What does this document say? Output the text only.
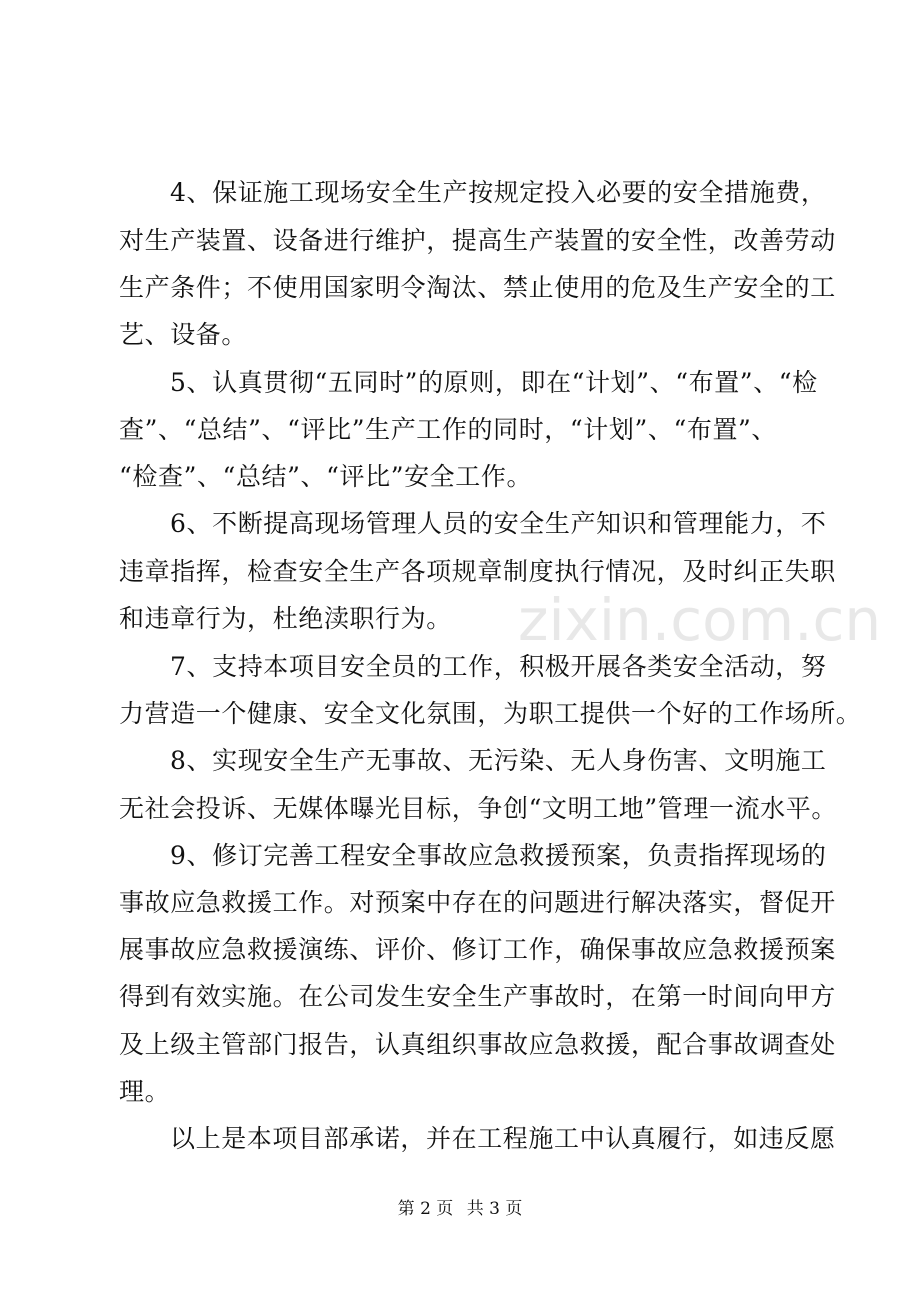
4、保证施工现场安全生产按规定投入必要的安全措施费，
对生产装置、设备进行维护，提高生产装置的安全性，改善劳动
生产条件；不使用国家明令淘汰、禁止使用的危及生产安全的工
艺、设备。
5、认真贯彻“五同时”的原则，即在“计划”、“布置”、“检
查”、“总结”、“评比”生产工作的同时，“计划”、“布置”、
“检查”、“总结”、“评比”安全工作。
6、不断提高现场管理人员的安全生产知识和管理能力，不
违章指挥，检查安全生产各项规章制度执行情况，及时纠正失职
和违章行为，杜绝渎职行为。
7、支持本项目安全员的工作，积极开展各类安全活动，努
力营造一个健康、安全文化氛围，为职工提供一个好的工作场所。
8、实现安全生产无事故、无污染、无人身伤害、文明施工
无社会投诉、无媒体曝光目标，争创“文明工地”管理一流水平。
9、修订完善工程安全事故应急救援预案，负责指挥现场的
事故应急救援工作。对预案中存在的问题进行解决落实，督促开
展事故应急救援演练、评价、修订工作，确保事故应急救援预案
得到有效实施。在公司发生安全生产事故时，在第一时间向甲方
及上级主管部门报告，认真组织事故应急救援，配合事故调查处
理。
以上是本项目部承诺，并在工程施工中认真履行，如违反愿
zixin.com.cn
第 2 页 共 3 页
